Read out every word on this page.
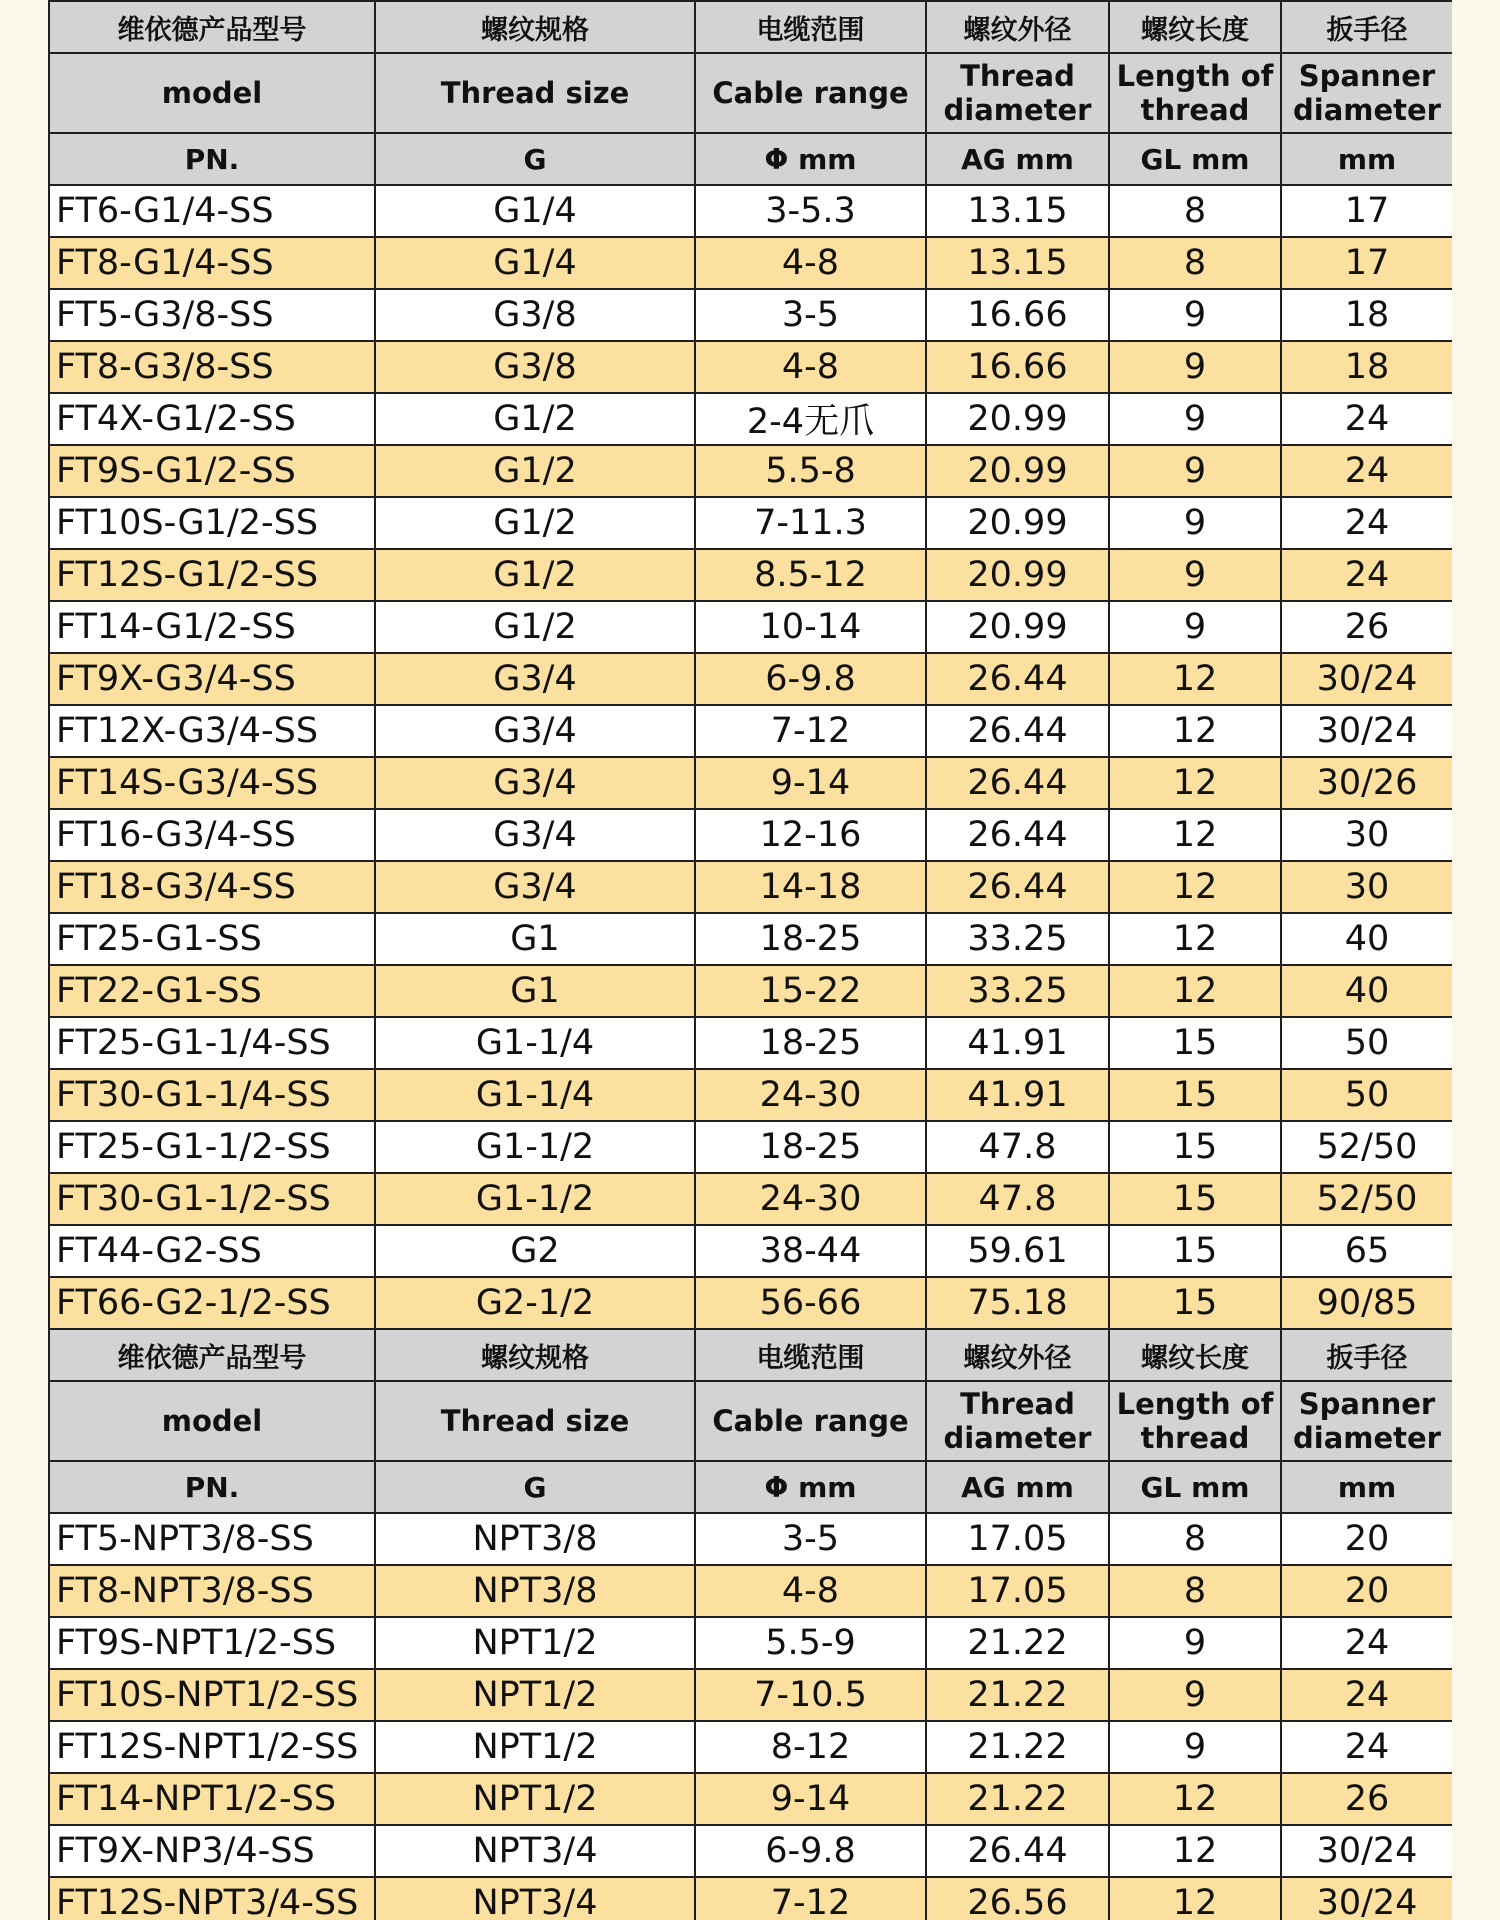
维依德产品型号	螺纹规格	电缆范围	螺纹外径	螺纹长度	扳手径
model	Thread size	Cable range	Thread diameter	Length of thread	Spanner diameter
PN.	G	Φ mm	AG mm	GL mm	mm
FT6-G1/4-SS	G1/4	3-5.3	13.15	8	17
FT8-G1/4-SS	G1/4	4-8	13.15	8	17
FT5-G3/8-SS	G3/8	3-5	16.66	9	18
FT8-G3/8-SS	G3/8	4-8	16.66	9	18
FT4X-G1/2-SS	G1/2	2-4无爪	20.99	9	24
FT9S-G1/2-SS	G1/2	5.5-8	20.99	9	24
FT10S-G1/2-SS	G1/2	7-11.3	20.99	9	24
FT12S-G1/2-SS	G1/2	8.5-12	20.99	9	24
FT14-G1/2-SS	G1/2	10-14	20.99	9	26
FT9X-G3/4-SS	G3/4	6-9.8	26.44	12	30/24
FT12X-G3/4-SS	G3/4	7-12	26.44	12	30/24
FT14S-G3/4-SS	G3/4	9-14	26.44	12	30/26
FT16-G3/4-SS	G3/4	12-16	26.44	12	30
FT18-G3/4-SS	G3/4	14-18	26.44	12	30
FT25-G1-SS	G1	18-25	33.25	12	40
FT22-G1-SS	G1	15-22	33.25	12	40
FT25-G1-1/4-SS	G1-1/4	18-25	41.91	15	50
FT30-G1-1/4-SS	G1-1/4	24-30	41.91	15	50
FT25-G1-1/2-SS	G1-1/2	18-25	47.8	15	52/50
FT30-G1-1/2-SS	G1-1/2	24-30	47.8	15	52/50
FT44-G2-SS	G2	38-44	59.61	15	65
FT66-G2-1/2-SS	G2-1/2	56-66	75.18	15	90/85
维依德产品型号	螺纹规格	电缆范围	螺纹外径	螺纹长度	扳手径
model	Thread size	Cable range	Thread diameter	Length of thread	Spanner diameter
PN.	G	Φ mm	AG mm	GL mm	mm
FT5-NPT3/8-SS	NPT3/8	3-5	17.05	8	20
FT8-NPT3/8-SS	NPT3/8	4-8	17.05	8	20
FT9S-NPT1/2-SS	NPT1/2	5.5-9	21.22	9	24
FT10S-NPT1/2-SS	NPT1/2	7-10.5	21.22	9	24
FT12S-NPT1/2-SS	NPT1/2	8-12	21.22	9	24
FT14-NPT1/2-SS	NPT1/2	9-14	21.22	12	26
FT9X-NP3/4-SS	NPT3/4	6-9.8	26.44	12	30/24
FT12S-NPT3/4-SS	NPT3/4	7-12	26.56	12	30/24
